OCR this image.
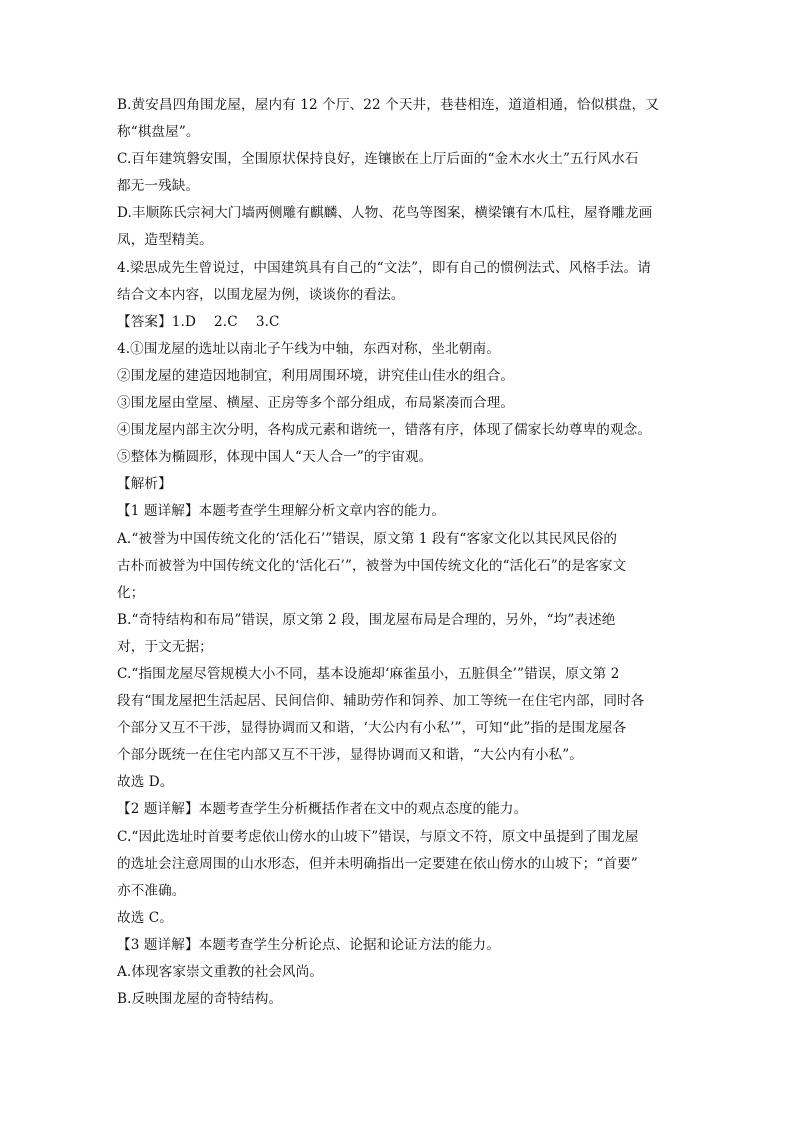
B.黄安昌四角围龙屋，屋内有 12 个厅、22 个天井，巷巷相连，道道相通，恰似棋盘，又
称“棋盘屋”。
C.百年建筑磐安围，全围原状保持良好，连镶嵌在上厅后面的“金木水火土”五行风水石
都无一残缺。
D.丰顺陈氏宗祠大门墙两侧雕有麒麟、人物、花鸟等图案，横梁镶有木瓜柱，屋脊雕龙画
凤，造型精美。
4.梁思成先生曾说过，中国建筑具有自己的“文法”，即有自己的惯例法式、风格手法。请
结合文本内容，以围龙屋为例，谈谈你的看法。
【答案】1.D　 2.C　 3.C
4.①围龙屋的选址以南北子午线为中轴，东西对称，坐北朝南。
②围龙屋的建造因地制宜，利用周围环境，讲究佳山佳水的组合。
③围龙屋由堂屋、横屋、正房等多个部分组成，布局紧凑而合理。
④围龙屋内部主次分明，各构成元素和谐统一，错落有序，体现了儒家长幼尊卑的观念。
⑤整体为椭圆形，体现中国人“天人合一”的宇宙观。
【解析】
【1 题详解】本题考查学生理解分析文章内容的能力。
A.“被誉为中国传统文化的‘活化石’”错误，原文第 1 段有“客家文化以其民风民俗的
古朴而被誉为中国传统文化的‘活化石’”，被誉为中国传统文化的“活化石”的是客家文
化；
B.“奇特结构和布局”错误，原文第 2 段，围龙屋布局是合理的，另外，“均”表述绝
对，于文无据；
C.“指围龙屋尽管规模大小不同，基本设施却‘麻雀虽小，五脏俱全’”错误，原文第 2
段有“围龙屋把生活起居、民间信仰、辅助劳作和饲养、加工等统一在住宅内部，同时各
个部分又互不干涉，显得协调而又和谐，‘大公内有小私’”，可知“此”指的是围龙屋各
个部分既统一在住宅内部又互不干涉，显得协调而又和谐，“大公内有小私”。
故选 D。
【2 题详解】本题考查学生分析概括作者在文中的观点态度的能力。
C.“因此选址时首要考虑依山傍水的山坡下”错误，与原文不符，原文中虽提到了围龙屋
的选址会注意周围的山水形态，但并未明确指出一定要建在依山傍水的山坡下；“首要”
亦不准确。
故选 C。
【3 题详解】本题考查学生分析论点、论据和论证方法的能力。
A.体现客家崇文重教的社会风尚。
B.反映围龙屋的奇特结构。
